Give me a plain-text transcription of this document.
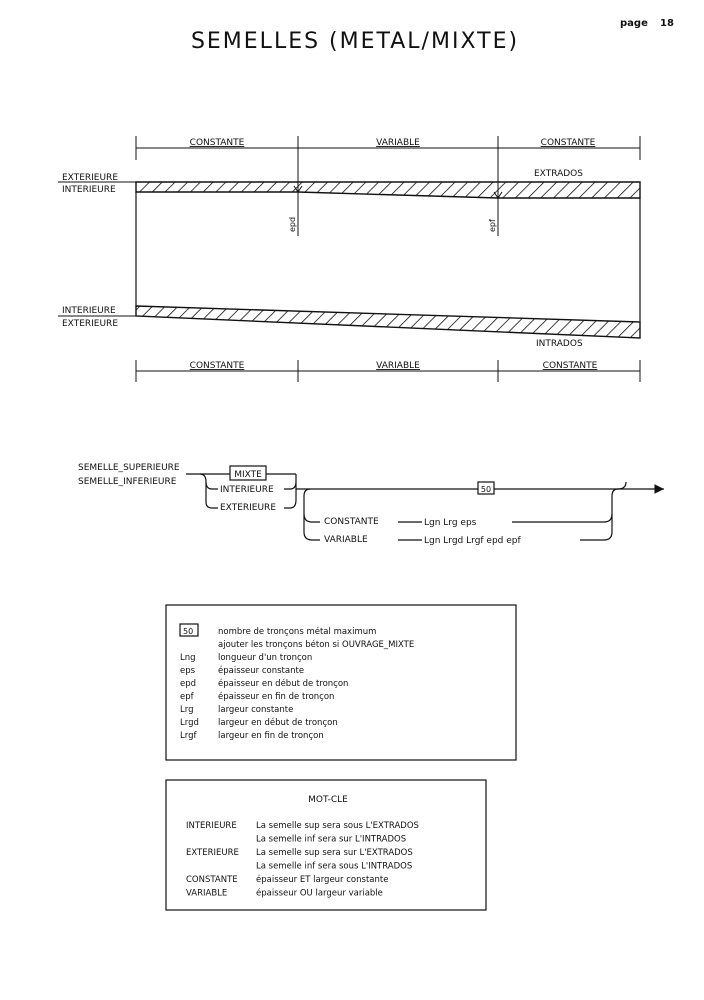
page 18
SEMELLES (METAL/MIXTE)
CONSTANTE	VARIABLE	CONSTANTE
EXTERIEURE
INTERIEURE
EXTRADOS
epd	epf
INTERIEURE
EXTERIEURE
INTRADOS
CONSTANTE	VARIABLE	CONSTANTE
SEMELLE_SUPERIEURE
SEMELLE_INFERIEURE
MIXTE
INTERIEURE
EXTERIEURE
CONSTANTE
VARIABLE
Lgn Lrg eps
Lgn Lrgd Lrgf epd epf
50
50	nombre de tronçons métal maximum
ajouter les tronçons béton si OUVRAGE_MIXTE
Lng	longueur d'un tronçon
eps	épaisseur constante
epd	épaisseur en début de tronçon
epf	épaisseur en fin de tronçon
Lrg	largeur constante
Lrgd largeur en début de tronçon
Lrgf	largeur en fin de tronçon
MOT-CLE
INTERIEURE La semelle sup sera sous L'EXTRADOS
La semelle inf sera sur L'INTRADOS
EXTERIEURE La semelle sup sera sur L'EXTRADOS
La semelle inf sera sous L'INTRADOS
CONSTANTE épaisseur ET largeur constante
VARIABLE	épaisseur OU largeur variable
